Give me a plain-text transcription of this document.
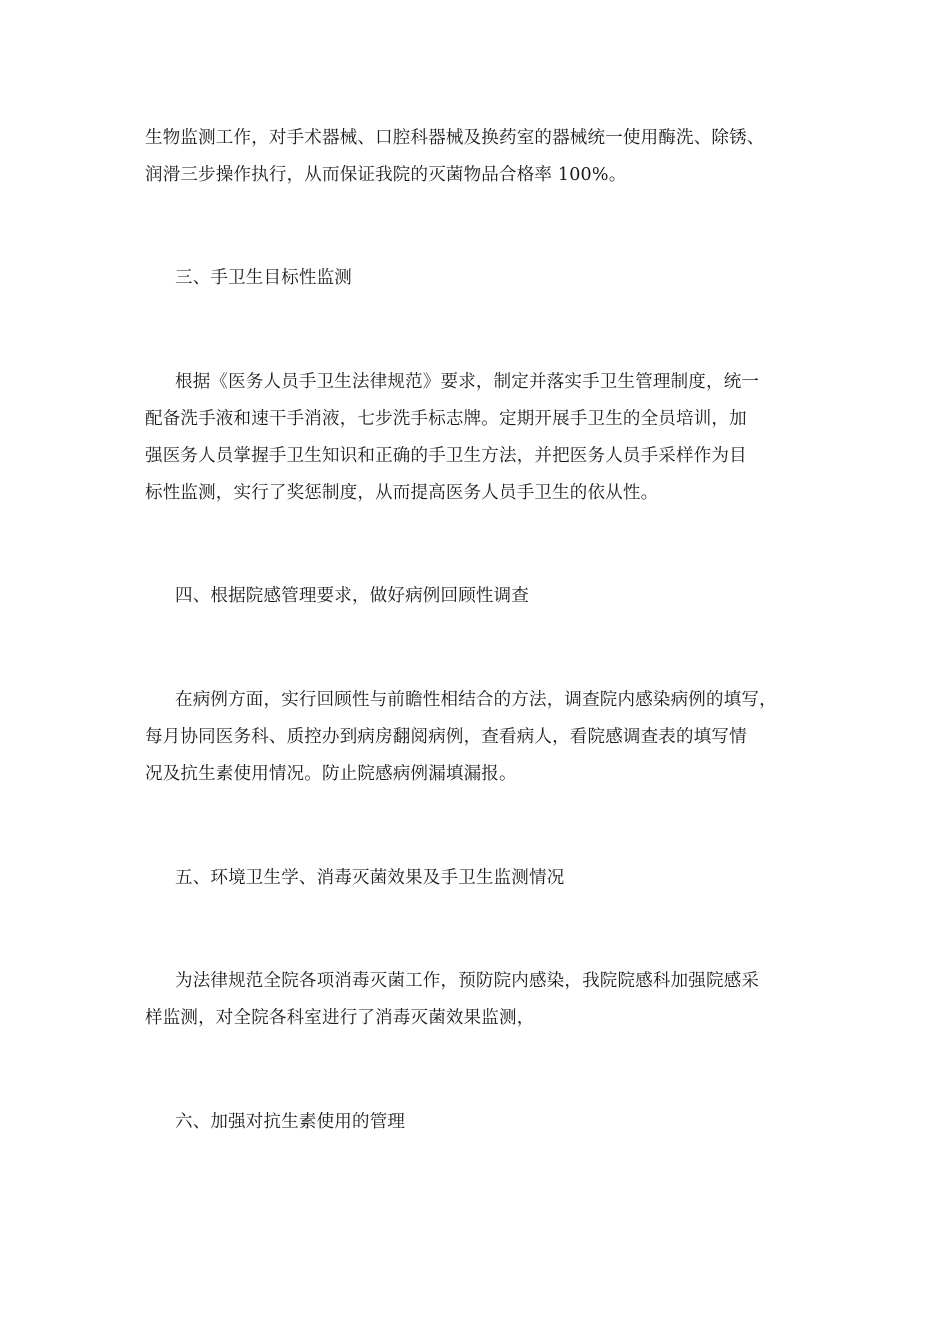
生物监测工作，对手术器械、口腔科器械及换药室的器械统一使用酶洗、除锈、
润滑三步操作执行，从而保证我院的灭菌物品合格率 100%。
三、手卫生目标性监测
根据《医务人员手卫生法律规范》要求，制定并落实手卫生管理制度，统一
配备洗手液和速干手消液，七步洗手标志牌。定期开展手卫生的全员培训，加
强医务人员掌握手卫生知识和正确的手卫生方法，并把医务人员手采样作为目
标性监测，实行了奖惩制度，从而提高医务人员手卫生的依从性。
四、根据院感管理要求，做好病例回顾性调查
在病例方面，实行回顾性与前瞻性相结合的方法，调查院内感染病例的填写，
每月协同医务科、质控办到病房翻阅病例，查看病人，看院感调查表的填写情
况及抗生素使用情况。防止院感病例漏填漏报。
五、环境卫生学、消毒灭菌效果及手卫生监测情况
为法律规范全院各项消毒灭菌工作，预防院内感染，我院院感科加强院感采
样监测，对全院各科室进行了消毒灭菌效果监测，
六、加强对抗生素使用的管理
